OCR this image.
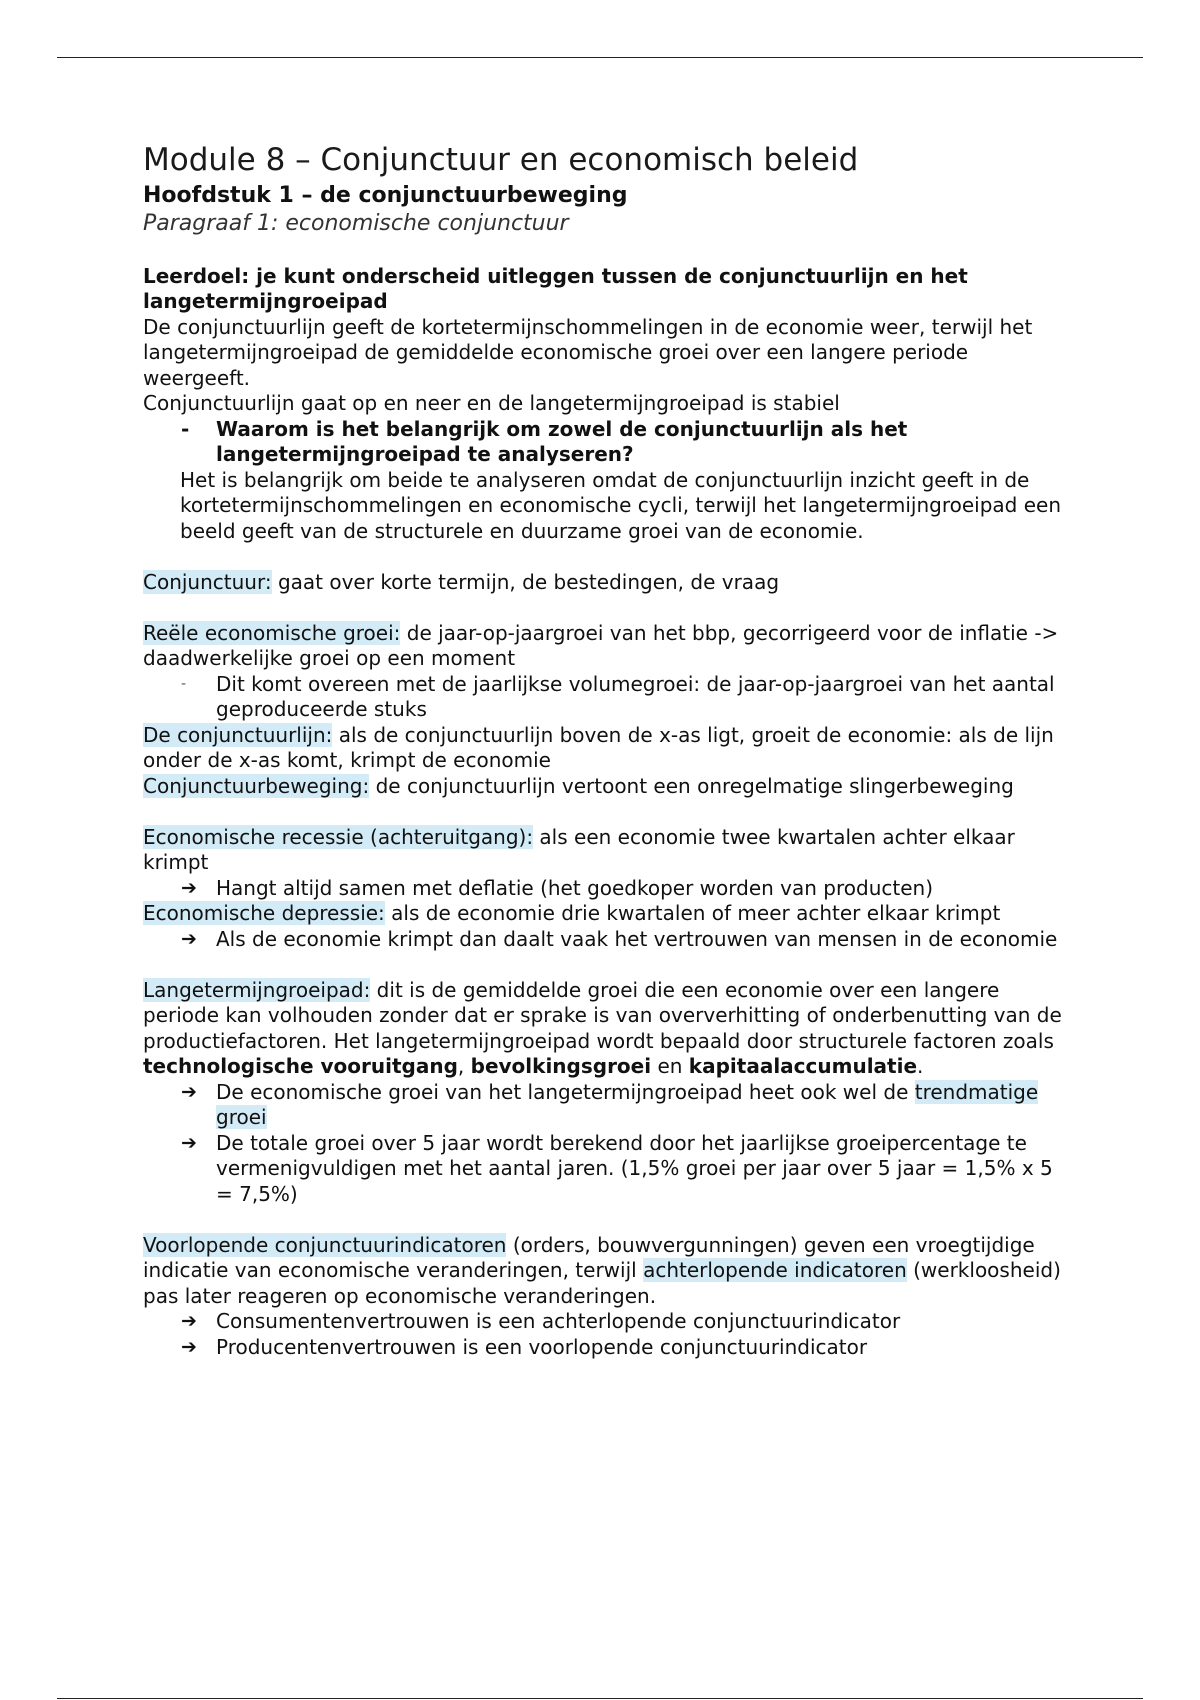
Module 8 – Conjunctuur en economisch beleid
Hoofdstuk 1 – de conjunctuurbeweging
Paragraaf 1: economische conjunctuur
Leerdoel: je kunt onderscheid uitleggen tussen de conjunctuurlijn en het langetermijngroeipad
De conjunctuurlijn geeft de kortetermijnschommelingen in de economie weer, terwijl het langetermijngroeipad de gemiddelde economische groei over een langere periode weergeeft.
Conjunctuurlijn gaat op en neer en de langetermijngroeipad is stabiel
- Waarom is het belangrijk om zowel de conjunctuurlijn als het langetermijngroeipad te analyseren?
Het is belangrijk om beide te analyseren omdat de conjunctuurlijn inzicht geeft in de kortetermijnschommelingen en economische cycli, terwijl het langetermijngroeipad een beeld geeft van de structurele en duurzame groei van de economie.
Conjunctuur: gaat over korte termijn, de bestedingen, de vraag
Reële economische groei: de jaar-op-jaargroei van het bbp, gecorrigeerd voor de inflatie -> daadwerkelijke groei op een moment
- Dit komt overeen met de jaarlijkse volumegroei: de jaar-op-jaargroei van het aantal geproduceerde stuks
De conjunctuurlijn: als de conjunctuurlijn boven de x-as ligt, groeit de economie: als de lijn onder de x-as komt, krimpt de economie
Conjunctuurbeweging: de conjunctuurlijn vertoont een onregelmatige slingerbeweging
Economische recessie (achteruitgang): als een economie twee kwartalen achter elkaar krimpt
➔ Hangt altijd samen met deflatie (het goedkoper worden van producten)
Economische depressie: als de economie drie kwartalen of meer achter elkaar krimpt
➔ Als de economie krimpt dan daalt vaak het vertrouwen van mensen in de economie
Langetermijngroeipad: dit is de gemiddelde groei die een economie over een langere periode kan volhouden zonder dat er sprake is van oververhitting of onderbenutting van de productiefactoren. Het langetermijngroeipad wordt bepaald door structurele factoren zoals technologische vooruitgang, bevolkingsgroei en kapitaalaccumulatie.
➔ De economische groei van het langetermijngroeipad heet ook wel de trendmatige groei
➔ De totale groei over 5 jaar wordt berekend door het jaarlijkse groeipercentage te vermenigvuldigen met het aantal jaren. (1,5% groei per jaar over 5 jaar = 1,5% x 5 = 7,5%)
Voorlopende conjunctuurindicatoren (orders, bouwvergunningen) geven een vroegtijdige indicatie van economische veranderingen, terwijl achterlopende indicatoren (werkloosheid) pas later reageren op economische veranderingen.
➔ Consumentenvertrouwen is een achterlopende conjunctuurindicator
➔ Producentenvertrouwen is een voorlopende conjunctuurindicator
